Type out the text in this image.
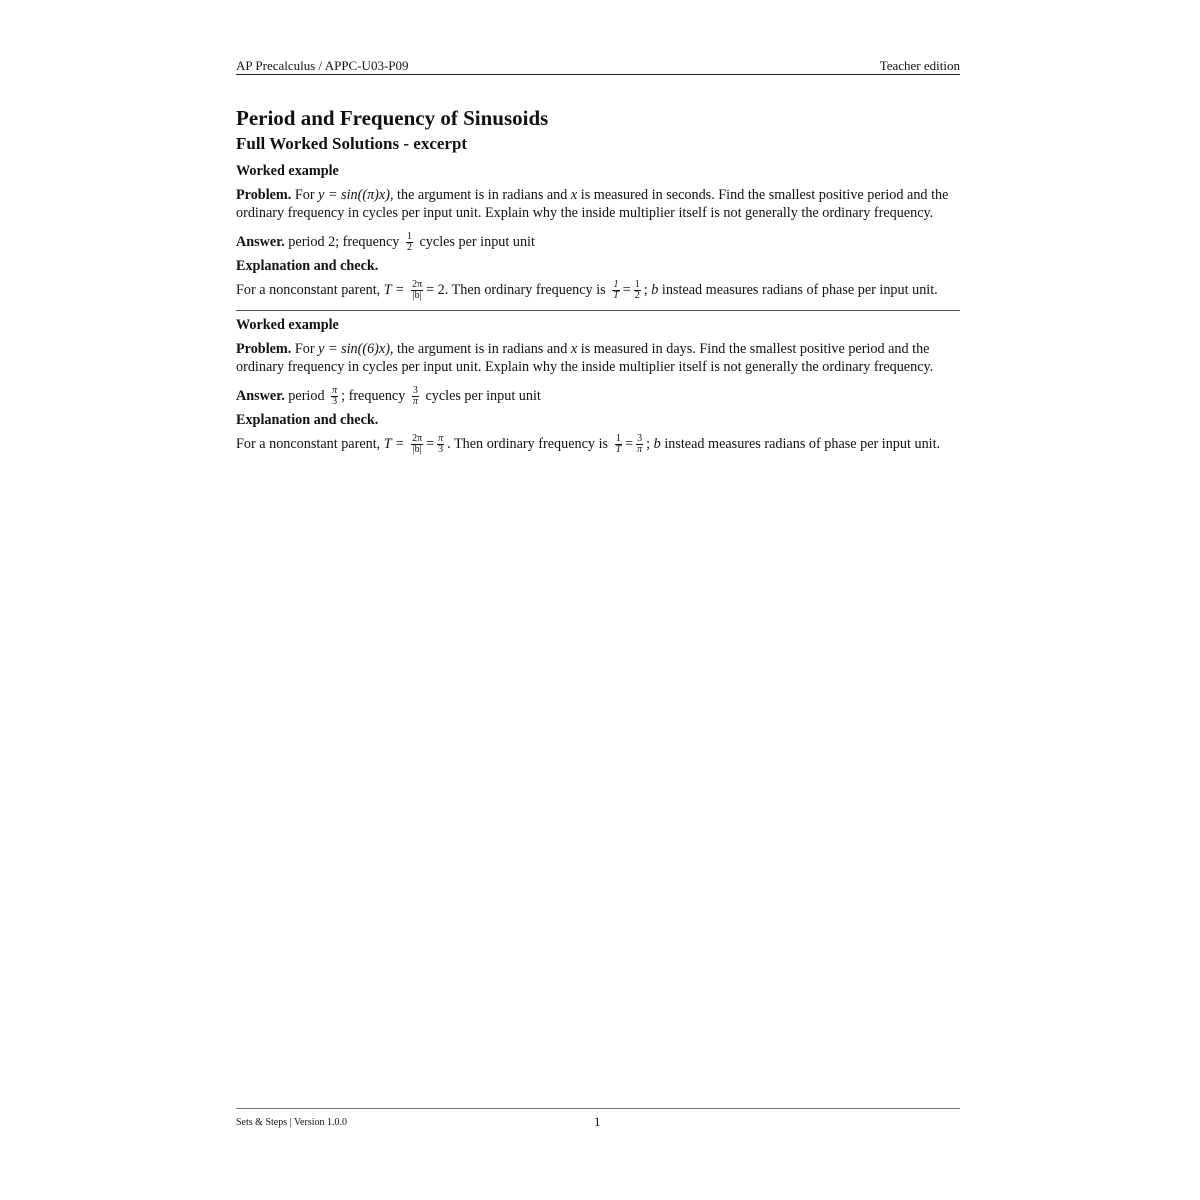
AP Precalculus / APPC-U03-P09	Teacher edition
Period and Frequency of Sinusoids
Full Worked Solutions - excerpt
Worked example
Problem. For y = sin((π)x), the argument is in radians and x is measured in seconds. Find the smallest positive period and the ordinary frequency in cycles per input unit. Explain why the inside multiplier itself is not generally the ordinary frequency.
Answer. period 2; frequency $\frac{1}{2}$ cycles per input unit
Explanation and check.
For a nonconstant parent, $T = \frac{2\pi}{|b|} = 2$. Then ordinary frequency is $\frac{1}{T} = \frac{1}{2}$ ; b instead measures radians of phase per input unit.
Worked example
Problem. For y = sin((6)x), the argument is in radians and x is measured in days. Find the smallest positive period and the ordinary frequency in cycles per input unit. Explain why the inside multiplier itself is not generally the ordinary frequency.
Answer. period $\frac{\pi}{3}$ ; frequency $\frac{3}{\pi}$ cycles per input unit
Explanation and check.
For a nonconstant parent, $T = \frac{2\pi}{|b|} = \frac{\pi}{3}$ . Then ordinary frequency is $\frac{1}{T} = \frac{3}{\pi}$ ; b instead measures radians of phase per input unit.
Sets & Steps | Version 1.0.0	1
